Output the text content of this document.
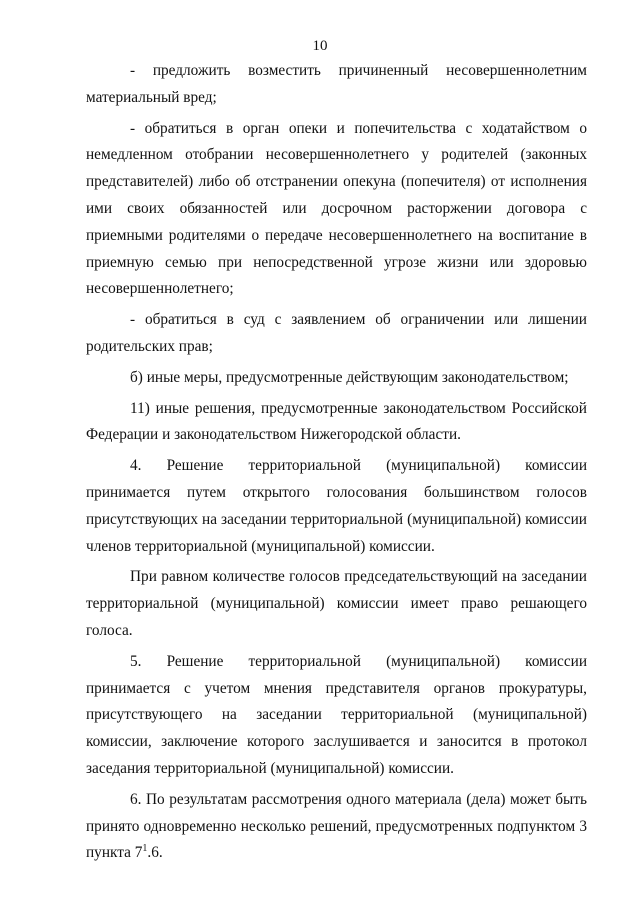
10
- предложить возместить причиненный несовершеннолетним
материальный вред;

- обратиться в орган опеки и попечительства с ходатайством о немедленном отобрании несовершеннолетнего у родителей (законных представителей) либо об отстранении опекуна (попечителя) от исполнения ими своих обязанностей или досрочном расторжении договора с приемными родителями о передаче несовершеннолетнего на воспитание в приемную семью при непосредственной угрозе жизни или здоровью несовершеннолетнего;

- обратиться в суд с заявлением об ограничении или лишении родительских прав;

б) иные меры, предусмотренные действующим законодательством;

11) иные решения, предусмотренные законодательством Российской Федерации и законодательством Нижегородской области.

4. Решение территориальной (муниципальной) комиссии принимается путем открытого голосования большинством голосов присутствующих на заседании территориальной (муниципальной) комиссии членов территориальной (муниципальной) комиссии.

При равном количестве голосов председательствующий на заседании территориальной (муниципальной) комиссии имеет право решающего голоса.

5. Решение территориальной (муниципальной) комиссии принимается с учетом мнения представителя органов прокуратуры, присутствующего на заседании территориальной (муниципальной) комиссии, заключение которого заслушивается и заносится в протокол заседания территориальной (муниципальной) комиссии.

6. По результатам рассмотрения одного материала (дела) может быть принято одновременно несколько решений, предусмотренных подпунктом 3 пункта $7^1.6$.
